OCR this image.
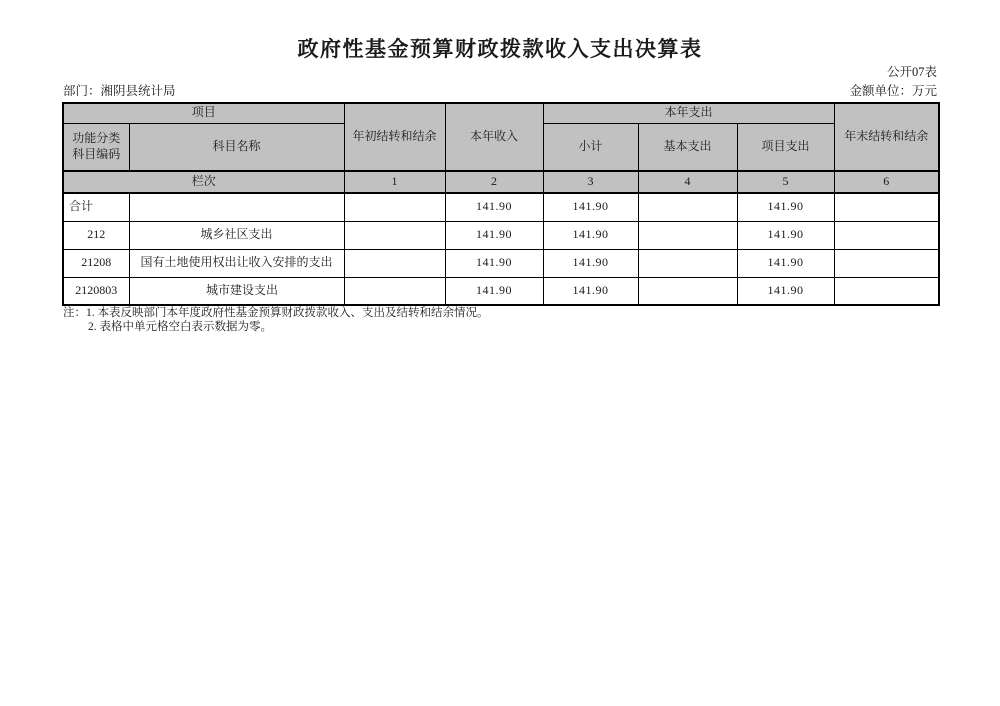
政府性基金预算财政拨款收入支出决算表
公开07表
部门：湘阴县统计局	金额单位：万元
项目		年初结转和结余	本年收入	本年支出			年末结转和结余

功能分类
科目编码	科目名称			小计	基本支出	项目支出	
栏次		1	2	3	4	5	6
合计			141.90	141.90		141.90	
212	城乡社区支出		141.90	141.90		141.90	
21208	国有土地使用权出让收入安排的支出		141.90	141.90		141.90	
2120803	城市建设支出		141.90	141.90		141.90	
注：1. 本表反映部门本年度政府性基金预算财政拨款收入、支出及结转和结余情况。
2. 表格中单元格空白表示数据为零。
